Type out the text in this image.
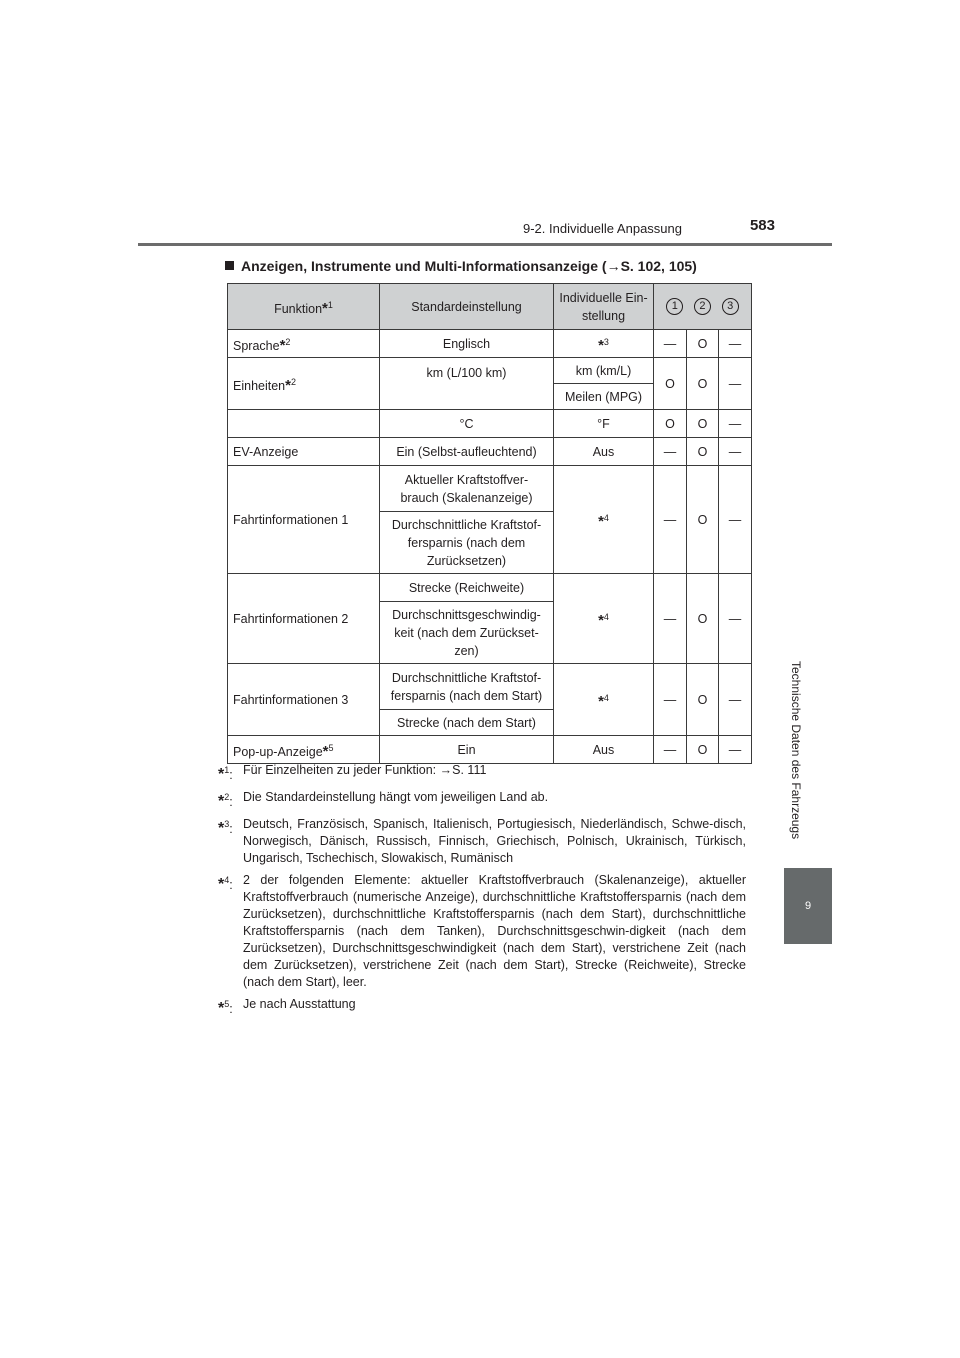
9-2. Individuelle Anpassung	583
Technische Daten des Fahrzeugs
9
Anzeigen, Instrumente und Multi-Informationsanzeige (→S. 102, 105)
Funktion*$^1$	Standardeinstellung	Individuelle Ein-
stellung	1 2 3		

Sprache*$^2$	Englisch	*$^3$	—	O	—
Einheiten*$^2$	km (L/100 km)	km (km/L)	O	O	—
		Meilen (MPG)			
	°C	°F	O	O	—
EV-Anzeige	Ein (Selbst-aufleuchtend)	Aus	—	O	—
Fahrtinformationen 1	Aktueller Kraftstoffver-
brauch (Skalenanzeige)	*$^4$	—	O	—
	Durchschnittliche Kraftstof-
fersparnis (nach dem
Zurücksetzen)				
Fahrtinformationen 2	Strecke (Reichweite)	*$^4$	—	O	—
	Durchschnittsgeschwindig-
keit (nach dem Zurückset-
zen)				
Fahrtinformationen 3	Durchschnittliche Kraftstof-
fersparnis (nach dem Start)	*$^4$	—	O	—
	Strecke (nach dem Start)				
Pop-up-Anzeige*$^5$	Ein	Aus	—	O	—
*$^1$: Für Einzelheiten zu jeder Funktion: →S. 111
*$^2$: Die Standardeinstellung hängt vom jeweiligen Land ab.
*$^3$: Deutsch, Französisch, Spanisch, Italienisch, Portugiesisch, Niederländisch, Schwe-disch, Norwegisch, Dänisch, Russisch, Finnisch, Griechisch, Polnisch, Ukrainisch, Türkisch, Ungarisch, Tschechisch, Slowakisch, Rumänisch
*$^4$: 2 der folgenden Elemente: aktueller Kraftstoffverbrauch (Skalenanzeige), aktueller Kraftstoffverbrauch (numerische Anzeige), durchschnittliche Kraftstoffersparnis (nach dem Zurücksetzen), durchschnittliche Kraftstoffersparnis (nach dem Start), durchschnittliche Kraftstoffersparnis (nach dem Tanken), Durchschnittsgeschwin-digkeit (nach dem Zurücksetzen), Durchschnittsgeschwindigkeit (nach dem Start), verstrichene Zeit (nach dem Zurücksetzen), verstrichene Zeit (nach dem Start), Strecke (Reichweite), Strecke (nach dem Start), leer.
*$^5$: Je nach Ausstattung
